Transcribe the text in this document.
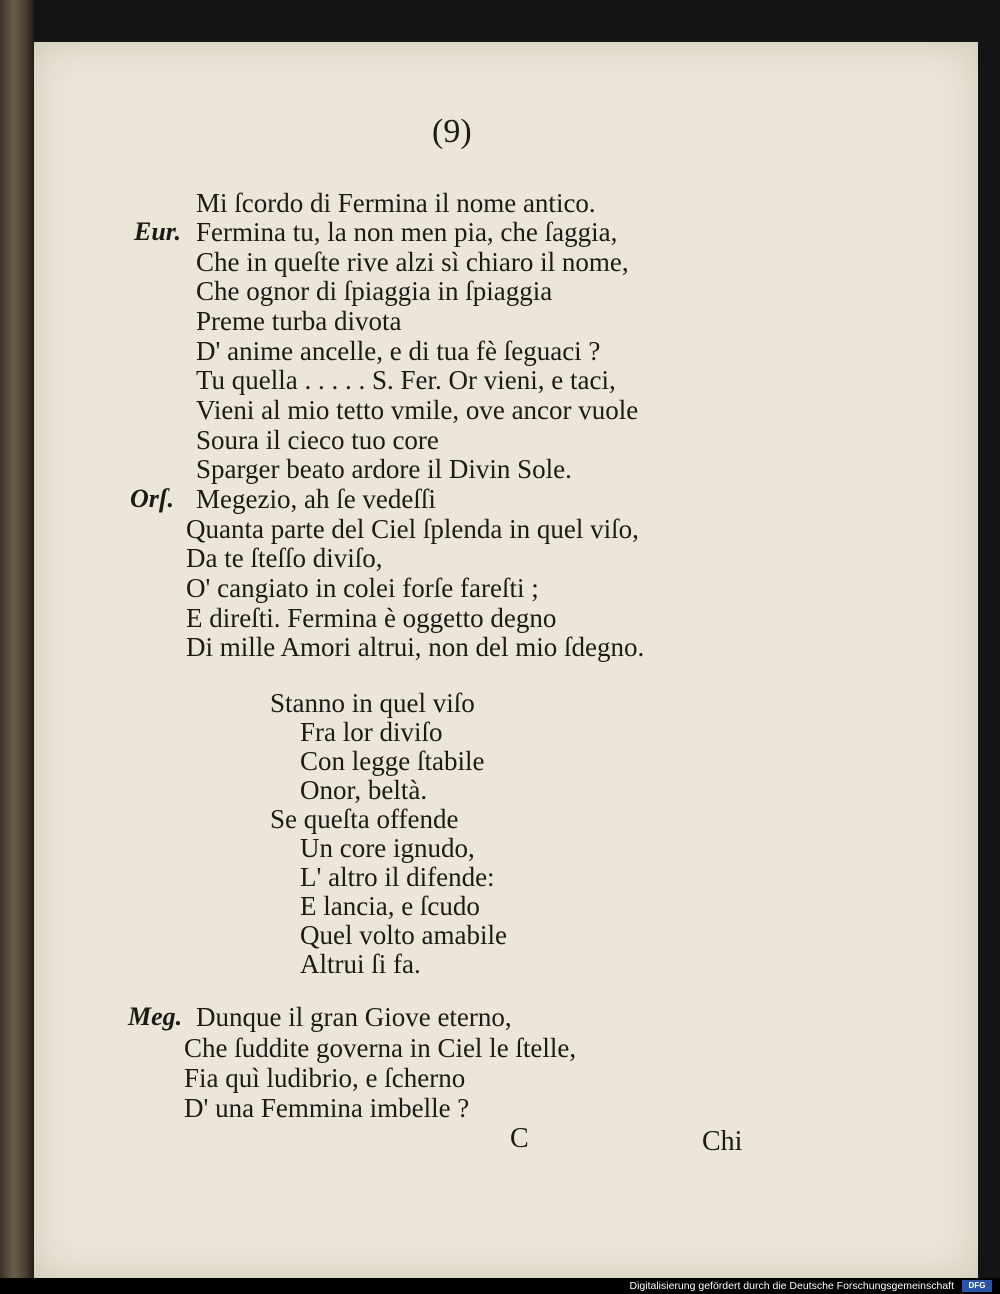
(9)
Mi ſcordo di Fermina il nome antico.
Eur. Fermina tu, la non men pia, che ſaggia,
Che in queſte rive alzi sì chiaro il nome,
Che ognor di ſpiaggia in ſpiaggia
Preme turba divota
D' anime ancelle, e di tua fè ſeguaci ?
Tu quella . . . . . S. Fer. Or vieni, e taci,
Vieni al mio tetto vmile, ove ancor vuole
Soura il cieco tuo core
Sparger beato ardore il Divin Sole.
Orſ. Megezio, ah ſe vedeſſi
Quanta parte del Ciel ſplenda in quel viſo,
Da te ſteſſo diviſo,
O' cangiato in colei forſe fareſti ;
E direſti. Fermina è oggetto degno
Di mille Amori altrui, non del mio ſdegno.
Stanno in quel viſo
Fra lor diviſo
Con legge ſtabile
Onor, beltà.
Se queſta offende
Un core ignudo,
L' altro il difende:
E lancia, e ſcudo
Quel volto amabile
Altrui ſi fa.
Meg. Dunque il gran Giove eterno,
Che ſuddite governa in Ciel le ſtelle,
Fia quì ludibrio, e ſcherno
D' una Femmina imbelle ?
C	Chi
Digitalisierung gefördert durch die Deutsche Forschungsgemeinschaft	DFG
